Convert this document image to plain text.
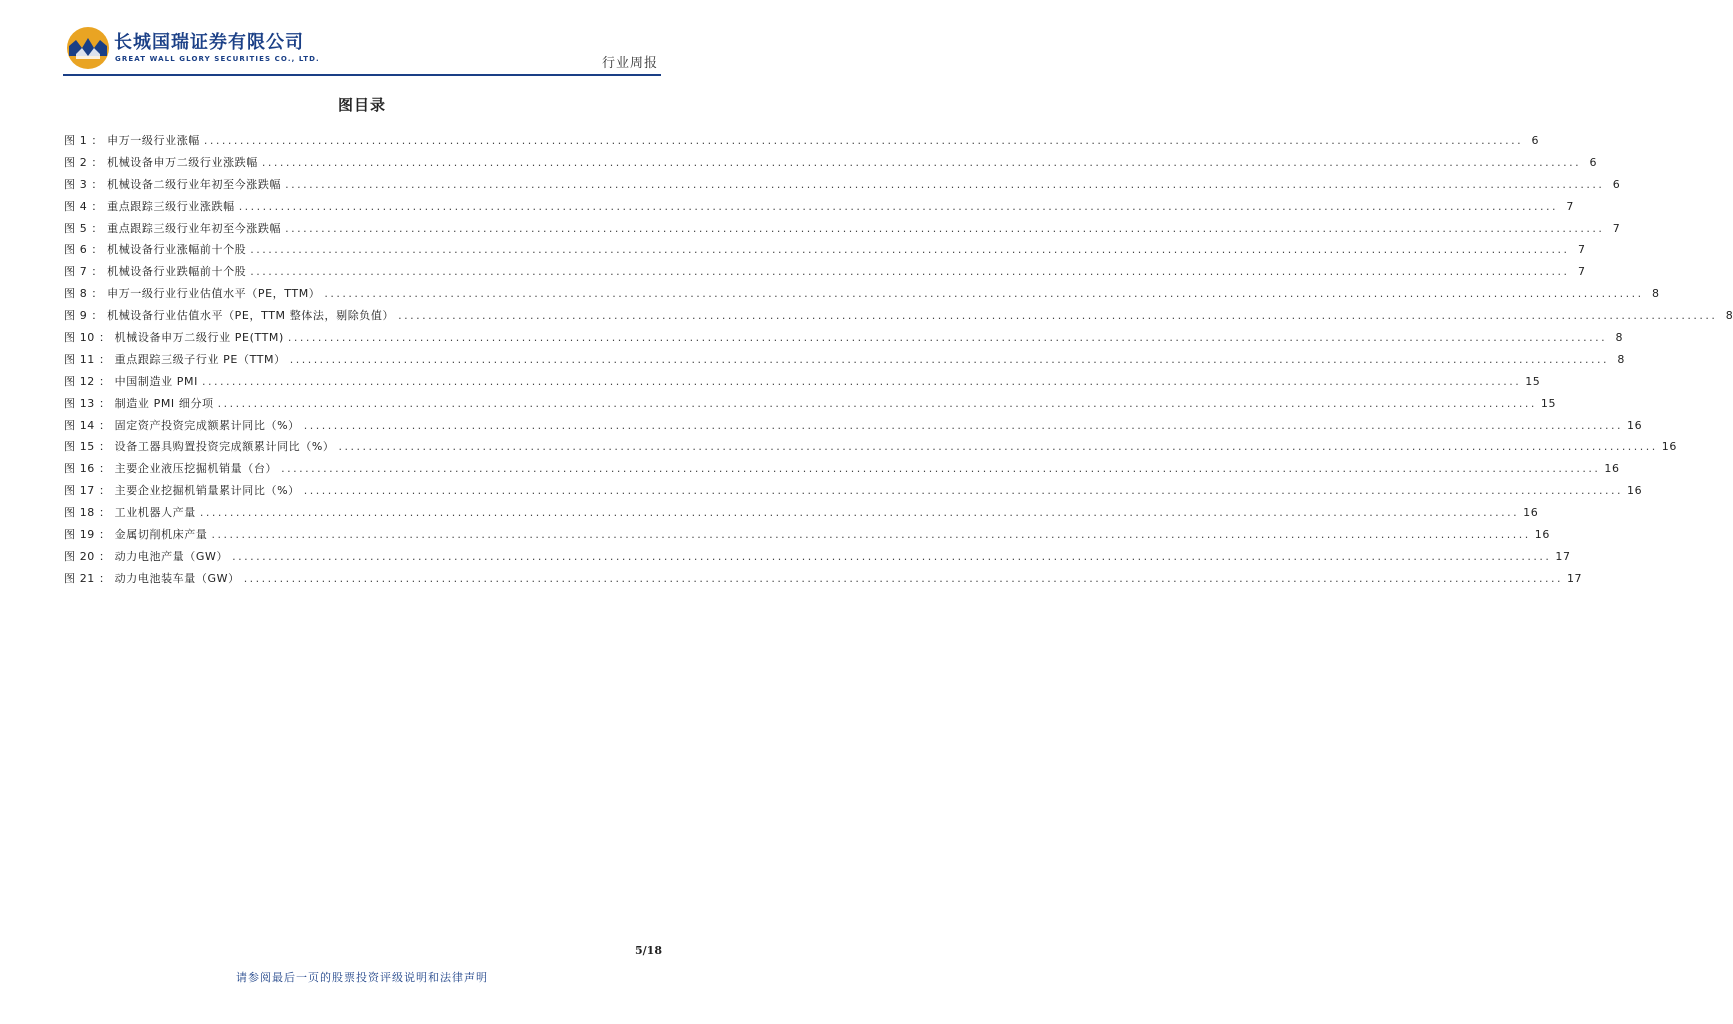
长城国瑞证券有限公司
GREAT WALL GLORY SECURITIES CO., LTD.	行业周报
图目录
图 1 ： 申万一级行业涨幅 ............................................................................................................................................................................................................................ 6
图 2 ： 机械设备申万二级行业涨跌幅 ............................................................................................................................................................................................................................ 6
图 3 ： 机械设备二级行业年初至今涨跌幅 ............................................................................................................................................................................................................................ 6
图 4 ： 重点跟踪三级行业涨跌幅 ............................................................................................................................................................................................................................ 7
图 5 ： 重点跟踪三级行业年初至今涨跌幅 ............................................................................................................................................................................................................................ 7
图 6 ： 机械设备行业涨幅前十个股 ............................................................................................................................................................................................................................ 7
图 7 ： 机械设备行业跌幅前十个股 ............................................................................................................................................................................................................................ 7
图 8 ： 申万一级行业行业估值水平（PE，TTM） ............................................................................................................................................................................................................................ 8
图 9 ： 机械设备行业估值水平（PE，TTM 整体法，剔除负值） ............................................................................................................................................................................................................................ 8
图 10 ： 机械设备申万二级行业 PE(TTM) ............................................................................................................................................................................................................................ 8
图 11 ： 重点跟踪三级子行业 PE（TTM） ............................................................................................................................................................................................................................ 8
图 12 ： 中国制造业 PMI ............................................................................................................................................................................................................................ 15
图 13 ： 制造业 PMI 细分项 ............................................................................................................................................................................................................................ 15
图 14 ： 固定资产投资完成额累计同比（%） ............................................................................................................................................................................................................................ 16
图 15 ： 设备工器具购置投资完成额累计同比（%） ............................................................................................................................................................................................................................ 16
图 16 ： 主要企业液压挖掘机销量（台） ............................................................................................................................................................................................................................ 16
图 17 ： 主要企业挖掘机销量累计同比（%） ............................................................................................................................................................................................................................ 16
图 18 ： 工业机器人产量 ............................................................................................................................................................................................................................ 16
图 19 ： 金属切削机床产量 ............................................................................................................................................................................................................................ 16
图 20 ： 动力电池产量（GW） ............................................................................................................................................................................................................................ 17
图 21 ： 动力电池装车量（GW） ............................................................................................................................................................................................................................ 17
5/18
请参阅最后一页的股票投资评级说明和法律声明
